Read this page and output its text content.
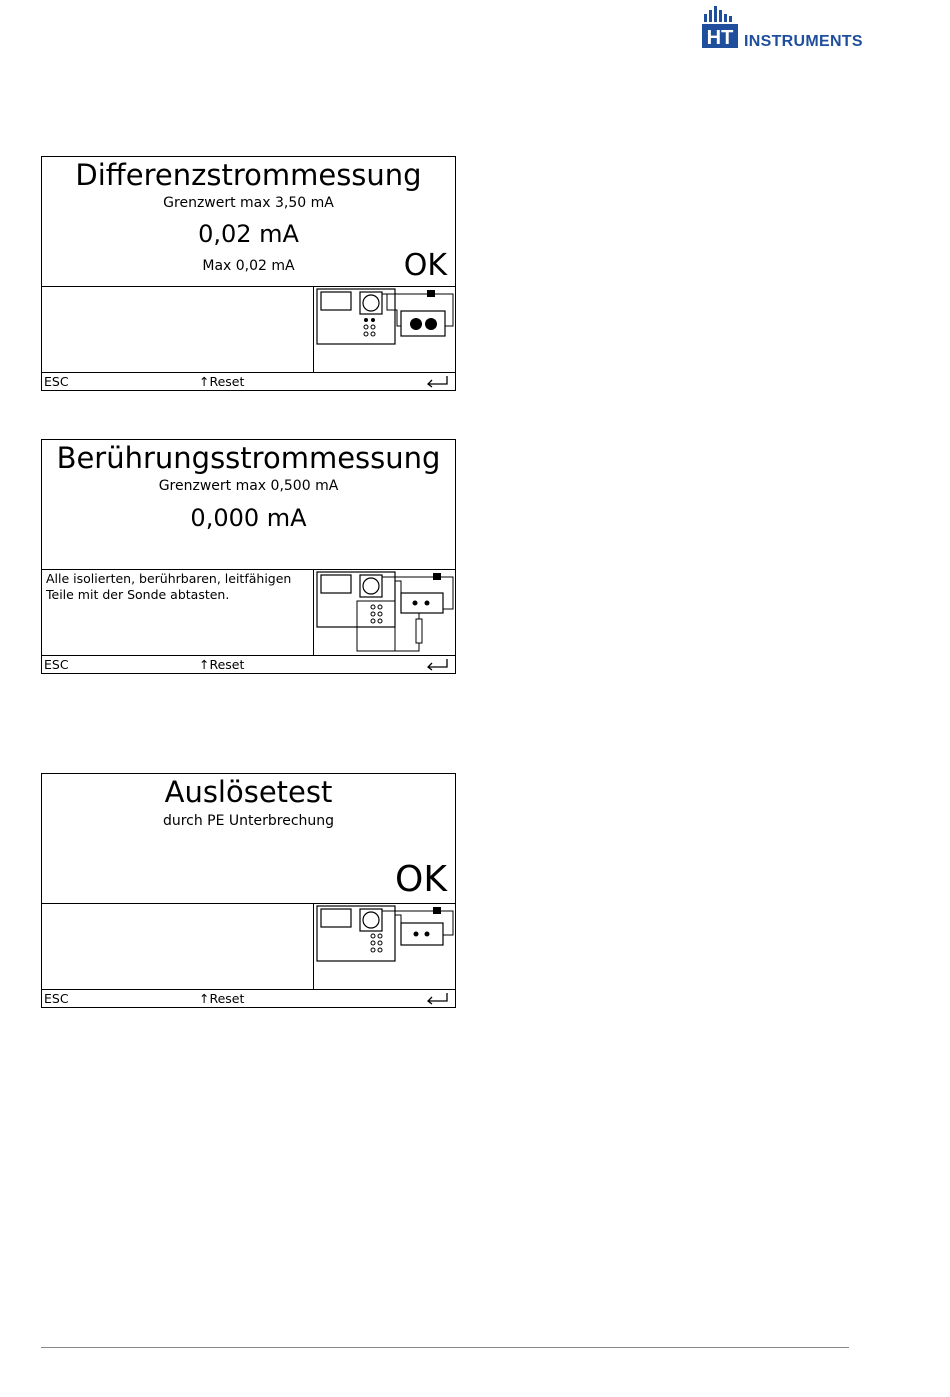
HT INSTRUMENTS
Differenzstrommessung
Grenzwert max 3,50 mA
0,02 mA
Max 0,02 mA	OK
ESC	↑Reset
Berührungsstrommessung
Grenzwert max 0,500 mA
0,000 mA
Alle isolierten, berührbaren, leitfähigen Teile mit der Sonde abtasten.
ESC	↑Reset
Auslösetest
durch PE Unterbrechung
OK
ESC	↑Reset
